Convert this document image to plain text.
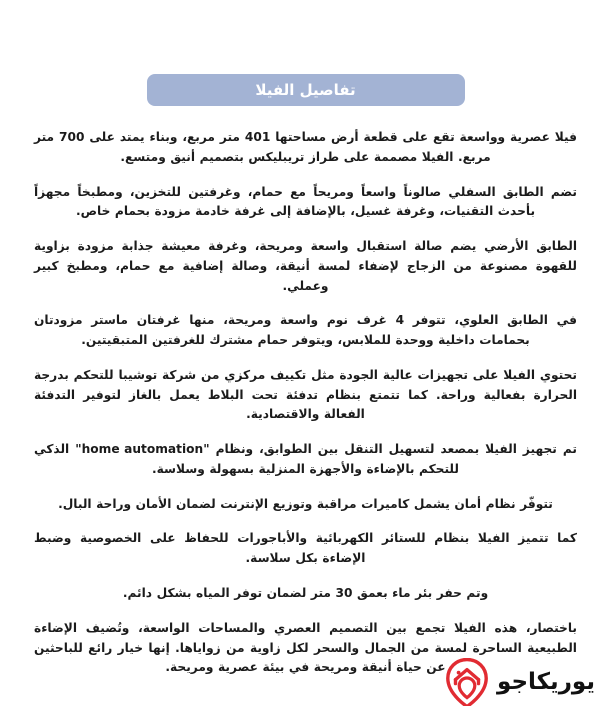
تفاصيل الفيلا

فيلا عصرية وواسعة تقع على قطعة أرض مساحتها 401 متر مربع، وبناء يمتد على 700 متر مربع. الفيلا مصممة على طراز تريبليكس بتصميم أنيق ومتسع.

تضم الطابق السفلي صالوناً واسعاً ومريحاً مع حمام، وغرفتين للتخزين، ومطبخاً مجهزاً بأحدث التقنيات، وغرفة غسيل، بالإضافة إلى غرفة خادمة مزودة بحمام خاص.

الطابق الأرضي يضم صالة استقبال واسعة ومريحة، وغرفة معيشة جذابة مزودة بزاوية للقهوة مصنوعة من الزجاج لإضفاء لمسة أنيقة، وصالة إضافية مع حمام، ومطبخ كبير وعملي.

في الطابق العلوي، تتوفر 4 غرف نوم واسعة ومريحة، منها غرفتان ماستر مزودتان بحمامات داخلية ووحدة للملابس، ويتوفر حمام مشترك للغرفتين المتبقيتين.

تحتوي الفيلا على تجهيزات عالية الجودة مثل تكييف مركزي من شركة توشيبا للتحكم بدرجة الحرارة بفعالية وراحة. كما تتمتع بنظام تدفئة تحت البلاط يعمل بالغاز لتوفير التدفئة الفعالة والاقتصادية.

تم تجهيز الفيلا بمصعد لتسهيل التنقل بين الطوابق، ونظام "home automation" الذكي للتحكم بالإضاءة والأجهزة المنزلية بسهولة وسلاسة.

تتوفّر نظام أمان يشمل كاميرات مراقبة وتوزيع الإنترنت لضمان الأمان وراحة البال.

كما تتميز الفيلا بنظام للستائر الكهربائية والأباجورات للحفاظ على الخصوصية وضبط الإضاءة بكل سلاسة.

وتم حفر بئر ماء بعمق 30 متر لضمان توفر المياه بشكل دائم.

باختصار، هذه الفيلا تجمع بين التصميم العصري والمساحات الواسعة، وتُضيف الإضاءة الطبيعية الساحرة لمسة من الجمال والسحر لكل زاوية من زواياها. إنها خيار رائع للباحثين عن حياة أنيقة ومريحة في بيئة عصرية ومريحة.

يوريكاجو
